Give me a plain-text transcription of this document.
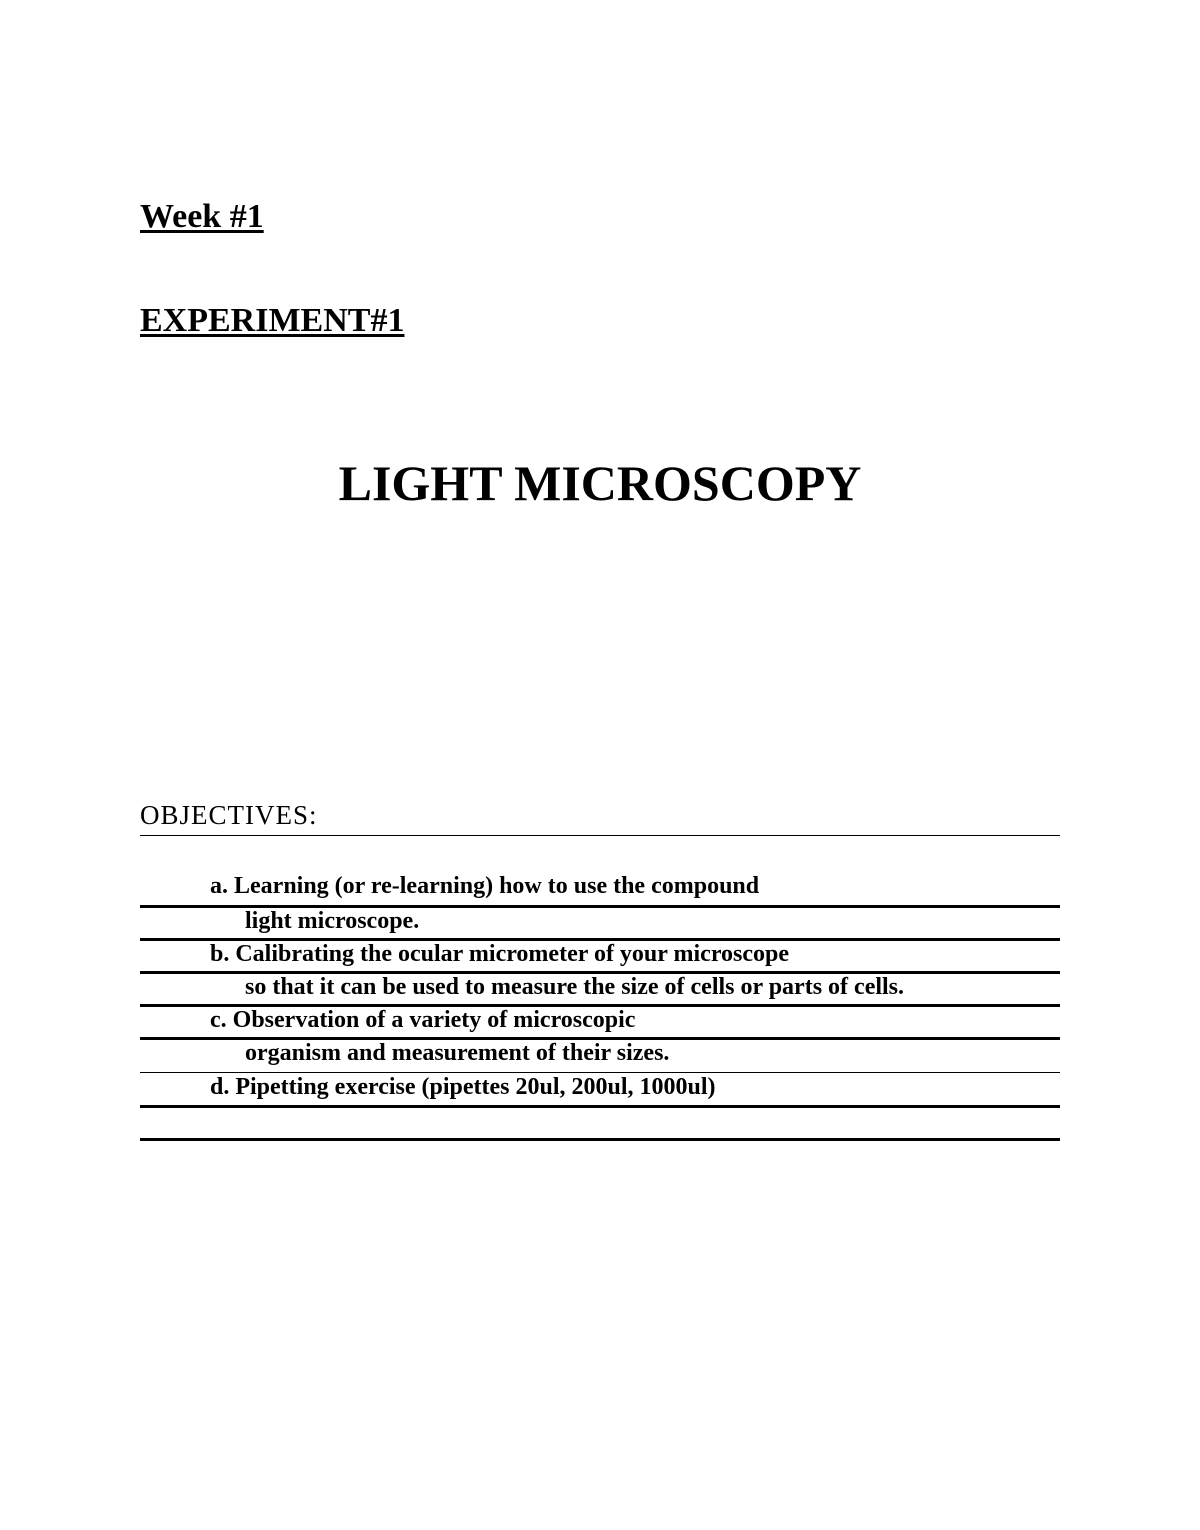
Week #1
EXPERIMENT#1
LIGHT MICROSCOPY
OBJECTIVES:
a. Learning (or re-learning) how to use the compound
light microscope.
b. Calibrating the ocular micrometer of your microscope
so that it can be used to measure the size of cells or parts of cells.
c. Observation of a variety of microscopic
organism and measurement of their sizes.
d. Pipetting exercise (pipettes 20ul, 200ul, 1000ul)
